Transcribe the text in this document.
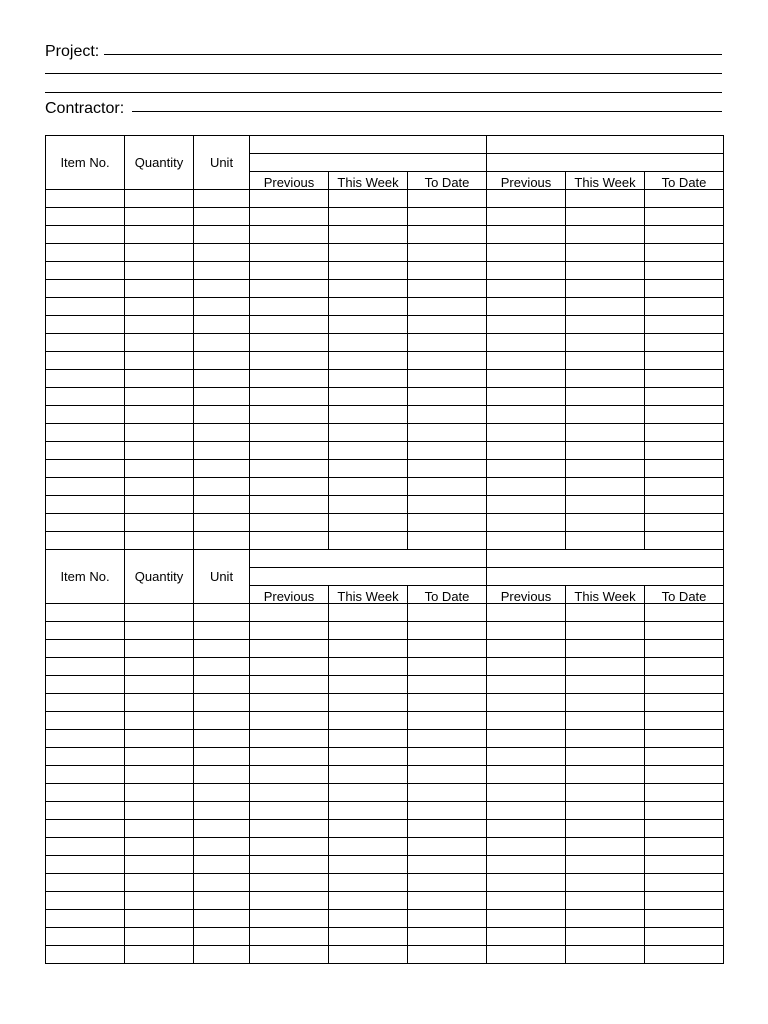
Project:
Contractor:
Item No.	Quantity	Unit						

			Previous	This Week	To Date	Previous	This Week	To Date

Item No.	Quantity	Unit						

			Previous	This Week	To Date	Previous	This Week	To Date
